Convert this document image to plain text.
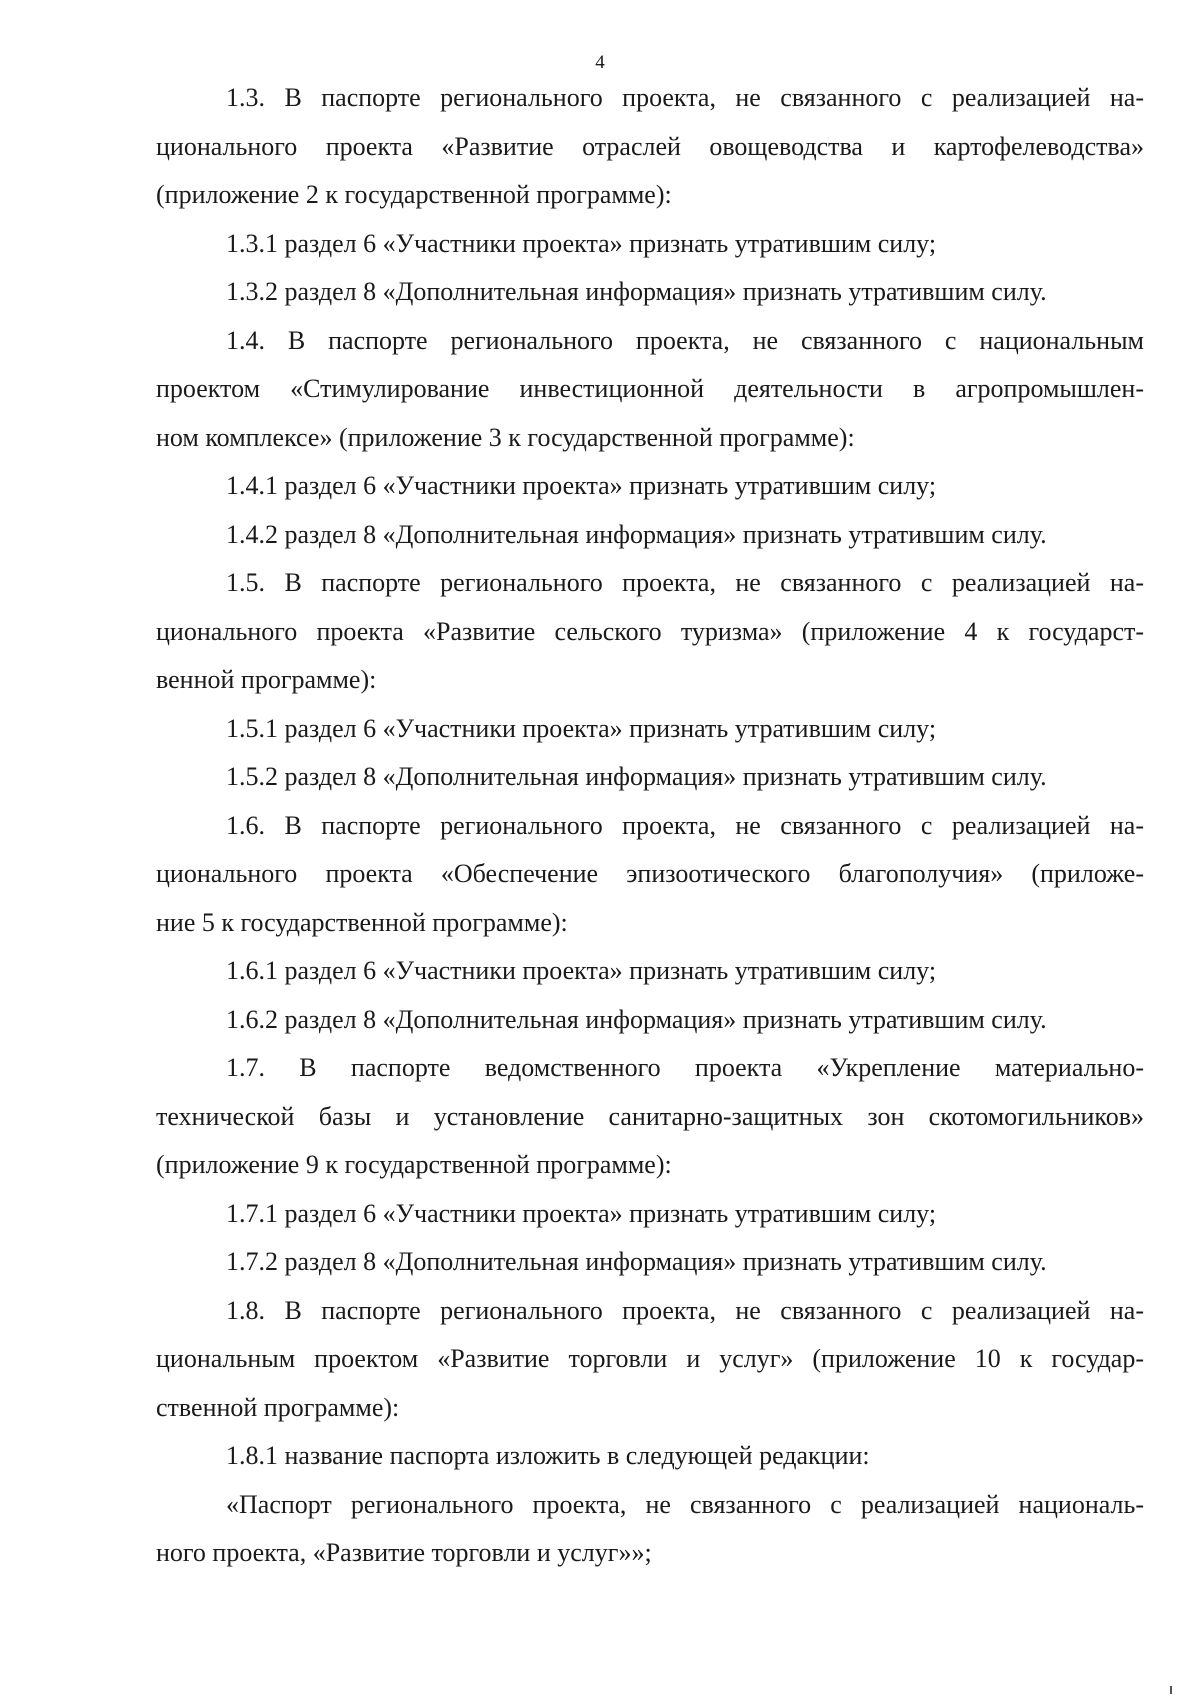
4
1.3. В паспорте регионального проекта, не связанного с реализацией на-
ционального проекта «Развитие отраслей овощеводства и картофелеводства»
(приложение 2 к государственной программе):
1.3.1 раздел 6 «Участники проекта» признать утратившим силу;
1.3.2 раздел 8 «Дополнительная информация» признать утратившим силу.
1.4. В паспорте регионального проекта, не связанного с национальным
проектом «Стимулирование инвестиционной деятельности в агропромышлен-
ном комплексе» (приложение 3 к государственной программе):
1.4.1 раздел 6 «Участники проекта» признать утратившим силу;
1.4.2 раздел 8 «Дополнительная информация» признать утратившим силу.
1.5. В паспорте регионального проекта, не связанного с реализацией на-
ционального проекта «Развитие сельского туризма» (приложение 4 к государст-
венной программе):
1.5.1 раздел 6 «Участники проекта» признать утратившим силу;
1.5.2 раздел 8 «Дополнительная информация» признать утратившим силу.
1.6. В паспорте регионального проекта, не связанного с реализацией на-
ционального проекта «Обеспечение эпизоотического благополучия» (приложе-
ние 5 к государственной программе):
1.6.1 раздел 6 «Участники проекта» признать утратившим силу;
1.6.2 раздел 8 «Дополнительная информация» признать утратившим силу.
1.7. В паспорте ведомственного проекта «Укрепление материально-
технической базы и установление санитарно-защитных зон скотомогильников»
(приложение 9 к государственной программе):
1.7.1 раздел 6 «Участники проекта» признать утратившим силу;
1.7.2 раздел 8 «Дополнительная информация» признать утратившим силу.
1.8. В паспорте регионального проекта, не связанного с реализацией на-
циональным проектом «Развитие торговли и услуг» (приложение 10 к государ-
ственной программе):
1.8.1 название паспорта изложить в следующей редакции:
«Паспорт регионального проекта, не связанного с реализацией националь-
ного проекта, «Развитие торговли и услуг»»;
